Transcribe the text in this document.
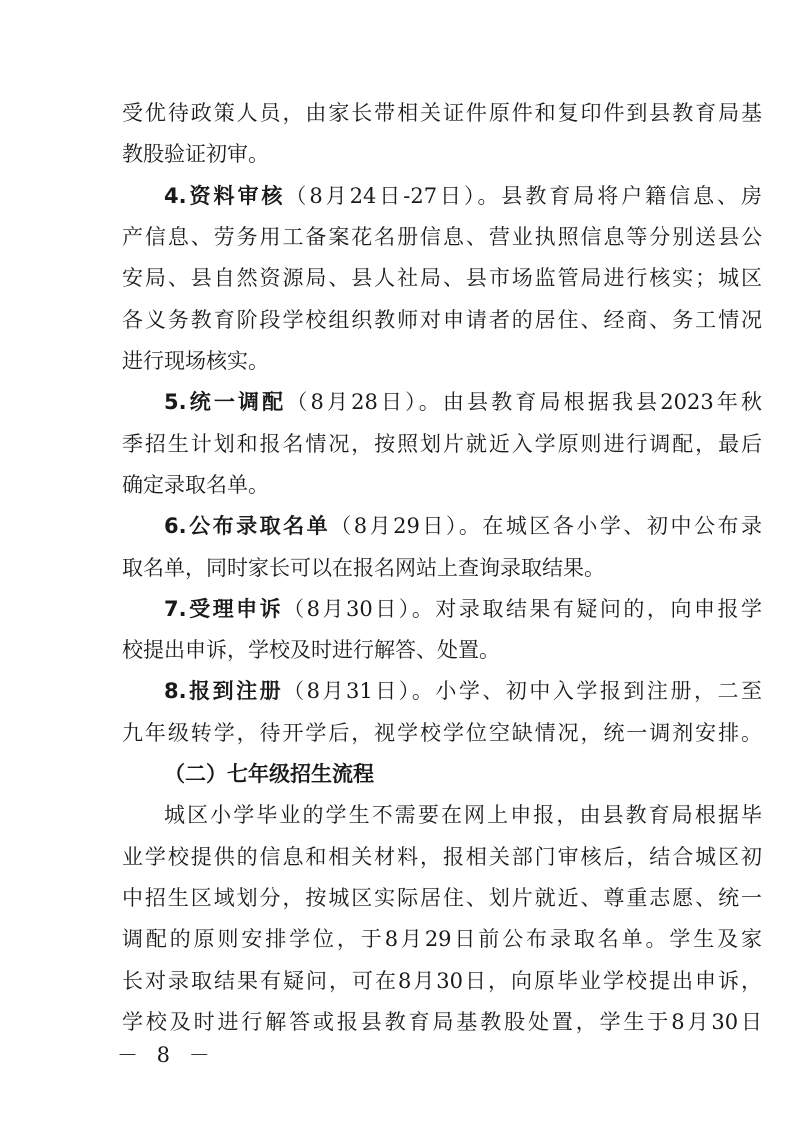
受优待政策人员，由家长带相关证件原件和复印件到县教育局基
教股验证初审。
4.资料审核（8月24日-27日）。县教育局将户籍信息、房
产信息、劳务用工备案花名册信息、营业执照信息等分别送县公
安局、县自然资源局、县人社局、县市场监管局进行核实；城区
各义务教育阶段学校组织教师对申请者的居住、经商、务工情况
进行现场核实。
5.统一调配（8月28日）。由县教育局根据我县2023年秋
季招生计划和报名情况，按照划片就近入学原则进行调配，最后
确定录取名单。
6.公布录取名单（8月29日）。在城区各小学、初中公布录
取名单，同时家长可以在报名网站上查询录取结果。
7.受理申诉（8月30日）。对录取结果有疑问的，向申报学
校提出申诉，学校及时进行解答、处置。
8.报到注册（8月31日）。小学、初中入学报到注册，二至
九年级转学，待开学后，视学校学位空缺情况，统一调剂安排。
（二）七年级招生流程
城区小学毕业的学生不需要在网上申报，由县教育局根据毕
业学校提供的信息和相关材料，报相关部门审核后，结合城区初
中招生区域划分，按城区实际居住、划片就近、尊重志愿、统一
调配的原则安排学位，于8月29日前公布录取名单。学生及家
长对录取结果有疑问，可在8月30日，向原毕业学校提出申诉，
－ 8 －
学校及时进行解答或报县教育局基教股处置，学生于8月30日
